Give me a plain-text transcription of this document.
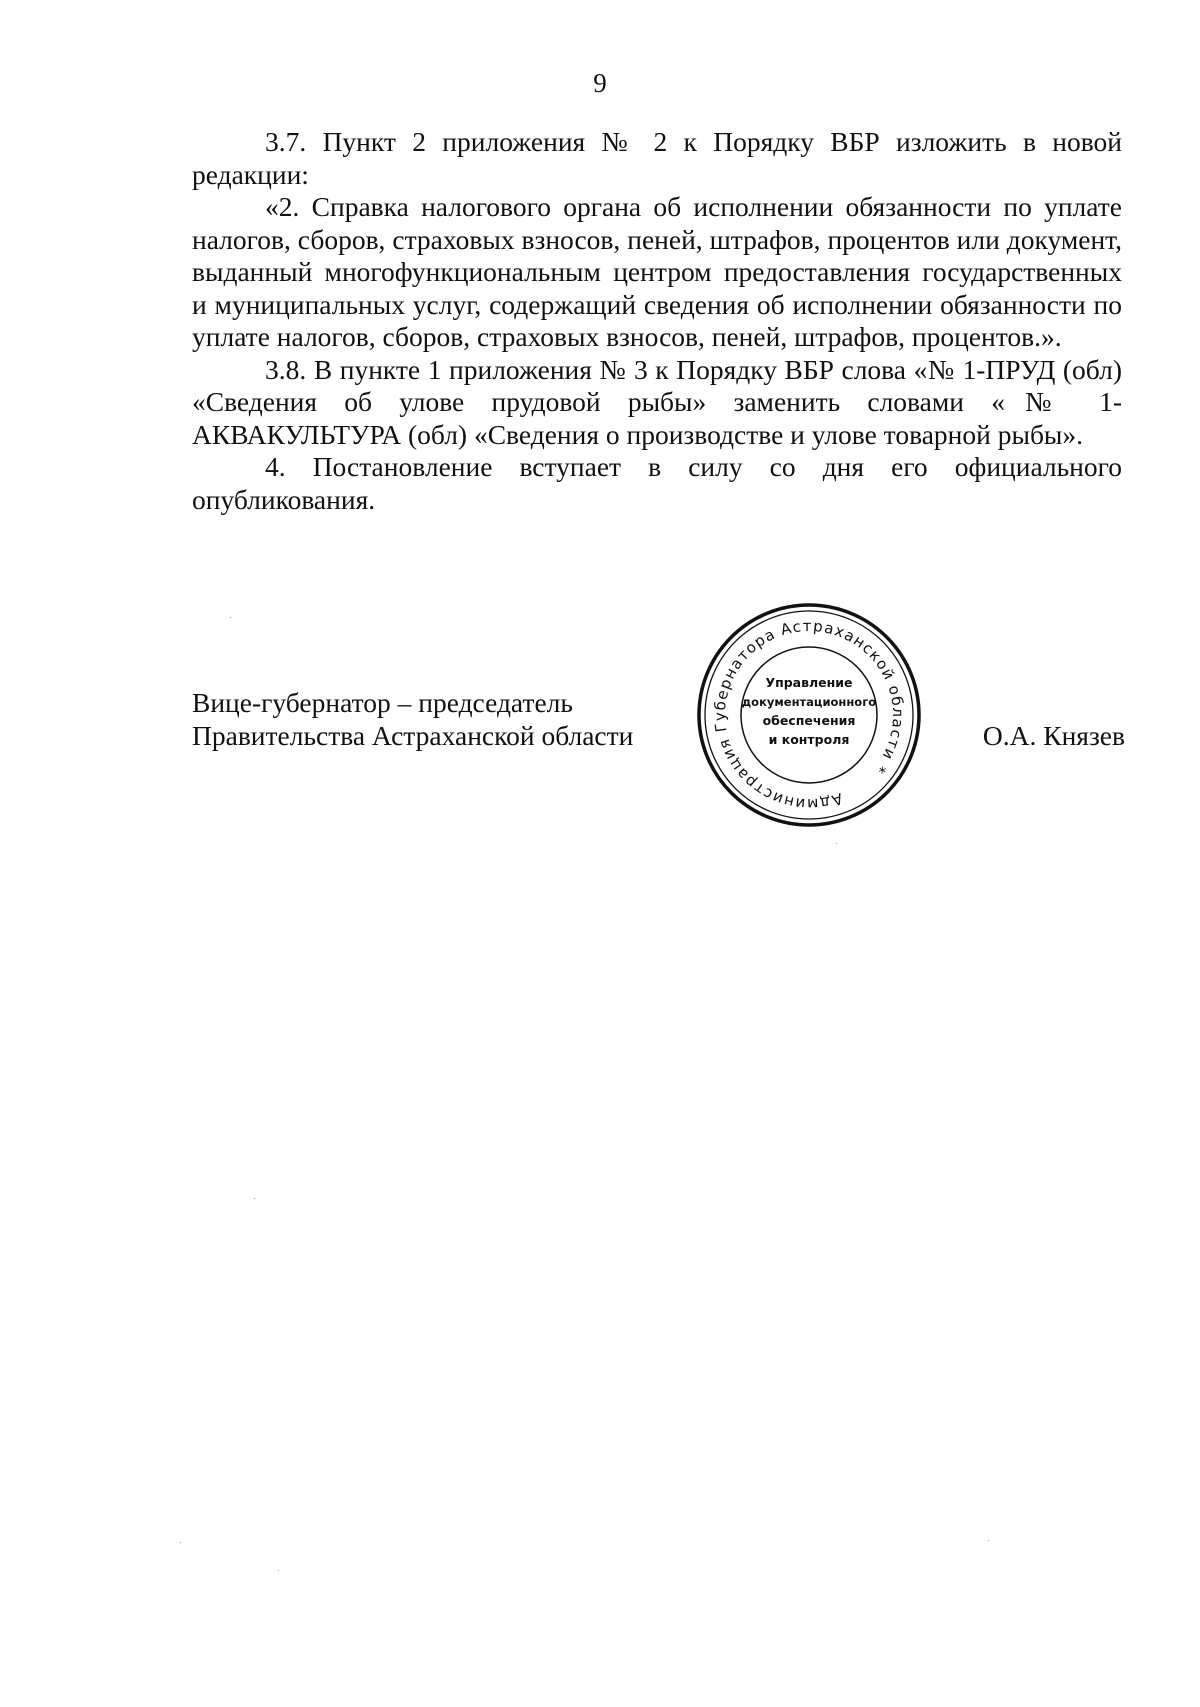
9

3.7. Пункт 2 приложения № 2 к Порядку ВБР изложить в новой редакции:

«2. Справка налогового органа об исполнении обязанности по уплате налогов, сборов, страховых взносов, пеней, штрафов, процентов или документ, выданный многофункциональным центром предоставления государственных и муниципальных услуг, содержащий сведения об исполнении обязанности по уплате налогов, сборов, страховых взносов, пеней, штрафов, процентов.».

3.8. В пункте 1 приложения № 3 к Порядку ВБР слова «№ 1-ПРУД (обл) «Сведения об улове прудовой рыбы» заменить словами «№ 1-АКВАКУЛЬТУРА (обл) «Сведения о производстве и улове товарной рыбы».

4. Постановление вступает в силу со дня его официального опубликования.

Вице-губернатор – председатель
Правительства Астраханской области	О.А. Князев
Администрация Губернатора Астраханской области *
Управление
документационного
обеспечения
и контроля
